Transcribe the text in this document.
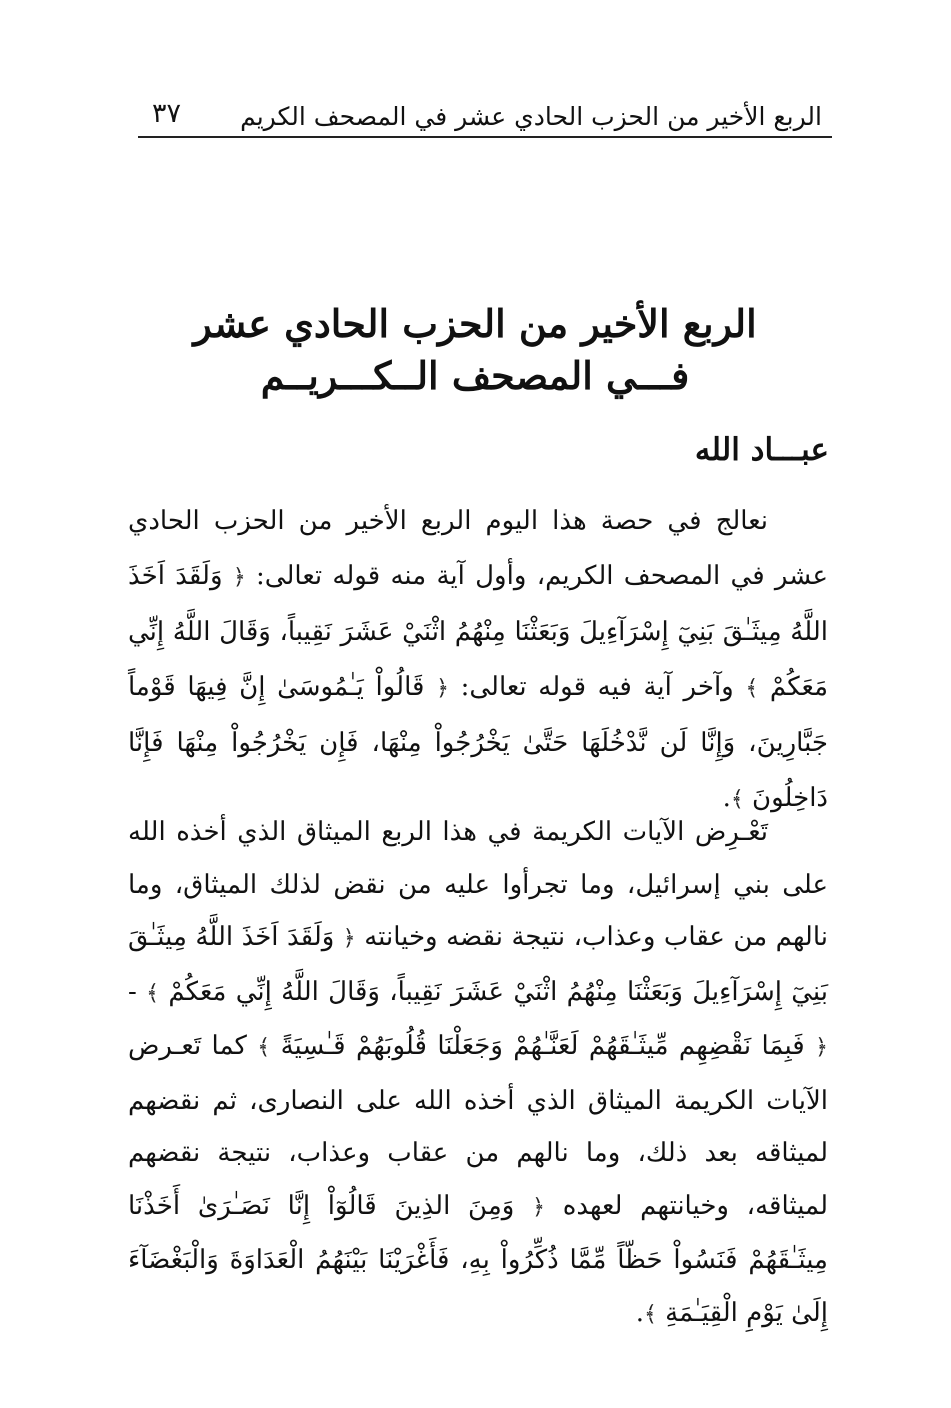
الربع الأخير من الحزب الحادي عشر في المصحف الكريم
٣٧
الربع الأخير من الحزب الحادي عشر
فـــي المصحف الــكـــريــم
عبـــاد الله
نعالج في حصة هذا اليوم الربع الأخير من الحزب الحادي عشر في المصحف الكريم، وأول آية منه قوله تعالى: ﴿ وَلَقَدَ اَخَذَ اللَّهُ مِيثَـٰقَ بَنِيٓ إِسْرَآءِيلَ وَبَعَثْنَا مِنْهُمُ اثْنَيْ عَشَرَ نَقِيباً، وَقَالَ اللَّهُ إِنِّي مَعَكُمْ ﴾ وآخر آية فيه قوله تعالى: ﴿ قَالُواْ يَـٰمُوسَىٰ إِنَّ فِيهَا قَوْماً جَبَّارِينَ، وَإِنَّا لَن نَّدْخُلَهَا حَتَّىٰ يَخْرُجُواْ مِنْهَا، فَإِن يَخْرُجُواْ مِنْهَا فَإِنَّا دَاخِلُونَ ﴾.
تَعْـرِض الآيات الكريمة في هذا الربع الميثاق الذي أخذه الله على بني إسرائيل، وما تجرأوا عليه من نقض لذلك الميثاق، وما نالهم من عقاب وعذاب، نتيجة نقضه وخيانته ﴿ وَلَقَدَ اَخَذَ اللَّهُ مِيثَـٰقَ بَنِيٓ إِسْرَآءِيلَ وَبَعَثْنَا مِنْهُمُ اثْنَيْ عَشَرَ نَقِيباً، وَقَالَ اللَّهُ إِنِّي مَعَكُمْ ﴾ - ﴿ فَبِمَا نَقْضِهِم مِّيثَـٰقَهُمْ لَعَنَّـٰهُمْ وَجَعَلْنَا قُلُوبَهُمْ قَـٰسِيَةً ﴾ كما تَعـرض الآيات الكريمة الميثاق الذي أخذه الله على النصارى، ثم نقضهم لميثاقه بعد ذلك، وما نالهم من عقاب وعذاب، نتيجة نقضهم لميثاقه، وخيانتهم لعهده ﴿ وَمِنَ الذِينَ قَالُوٓاْ إِنَّا نَصَـٰرَىٰ أَخَذْنَا مِيثَـٰقَهُمْ فَنَسُواْ حَظّاً مِّمَّا ذُكِّرُواْ بِهِ، فَأَغْرَيْنَا بَيْنَهُمُ الْعَدَاوَةَ وَالْبَغْضَآءَ إِلَىٰ يَوْمِ الْقِيَـٰمَةِ ﴾.
